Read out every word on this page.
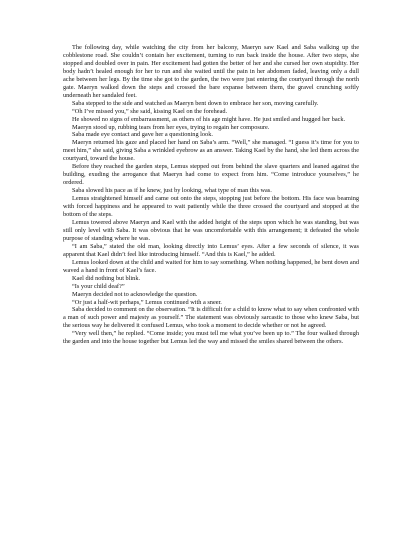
The following day, while watching the city from her balcony, Maeryn saw Kael and Saba walking up the cobblestone road. She couldn’t contain her excitement, turning to run back inside the house. After two steps, she stopped and doubled over in pain. Her excitement had gotten the better of her and she cursed her own stupidity. Her body hadn’t healed enough for her to run and she waited until the pain in her abdomen faded, leaving only a dull ache between her legs. By the time she got to the garden, the two were just entering the courtyard through the north gate. Maeryn walked down the steps and crossed the bare expanse between them, the gravel crunching softly underneath her sandaled feet.

Saba stepped to the side and watched as Maeryn bent down to embrace her son, moving carefully.

“Oh I’ve missed you,” she said, kissing Kael on the forehead.

He showed no signs of embarrassment, as others of his age might have. He just smiled and hugged her back.

Maeryn stood up, rubbing tears from her eyes, trying to regain her composure.

Saba made eye contact and gave her a questioning look.

Maeryn returned his gaze and placed her hand on Saba’s arm. “Well,” she managed. “I guess it’s time for you to meet him,” she said, giving Saba a wrinkled eyebrow as an answer. Taking Kael by the hand, she led them across the courtyard, toward the house.

Before they reached the garden steps, Lemus stepped out from behind the slave quarters and leaned against the building, exuding the arrogance that Maeryn had come to expect from him. “Come introduce yourselves,” he ordered.

Saba slowed his pace as if he knew, just by looking, what type of man this was.

Lemus straightened himself and came out onto the steps, stopping just before the bottom. His face was beaming with forced happiness and he appeared to wait patiently while the three crossed the courtyard and stopped at the bottom of the steps.

Lemus towered above Maeryn and Kael with the added height of the steps upon which he was standing, but was still only level with Saba. It was obvious that he was uncomfortable with this arrangement; it defeated the whole purpose of standing where he was.

“I am Saba,” stated the old man, looking directly into Lemus’ eyes. After a few seconds of silence, it was apparent that Kael didn’t feel like introducing himself. “And this is Kael,” he added.

Lemus looked down at the child and waited for him to say something. When nothing happened, he bent down and waved a hand in front of Kael’s face.

Kael did nothing but blink.

“Is your child deaf?”

Maeryn decided not to acknowledge the question.

“Or just a half-wit perhaps,” Lemus continued with a sneer.

Saba decided to comment on the observation. “It is difficult for a child to know what to say when confronted with a man of such power and majesty as yourself.” The statement was obviously sarcastic to those who knew Saba, but the serious way he delivered it confused Lemus, who took a moment to decide whether or not he agreed.

“Very well then,” he replied. “Come inside; you must tell me what you’ve been up to.” The four walked through the garden and into the house together but Lemus led the way and missed the smiles shared between the others.
